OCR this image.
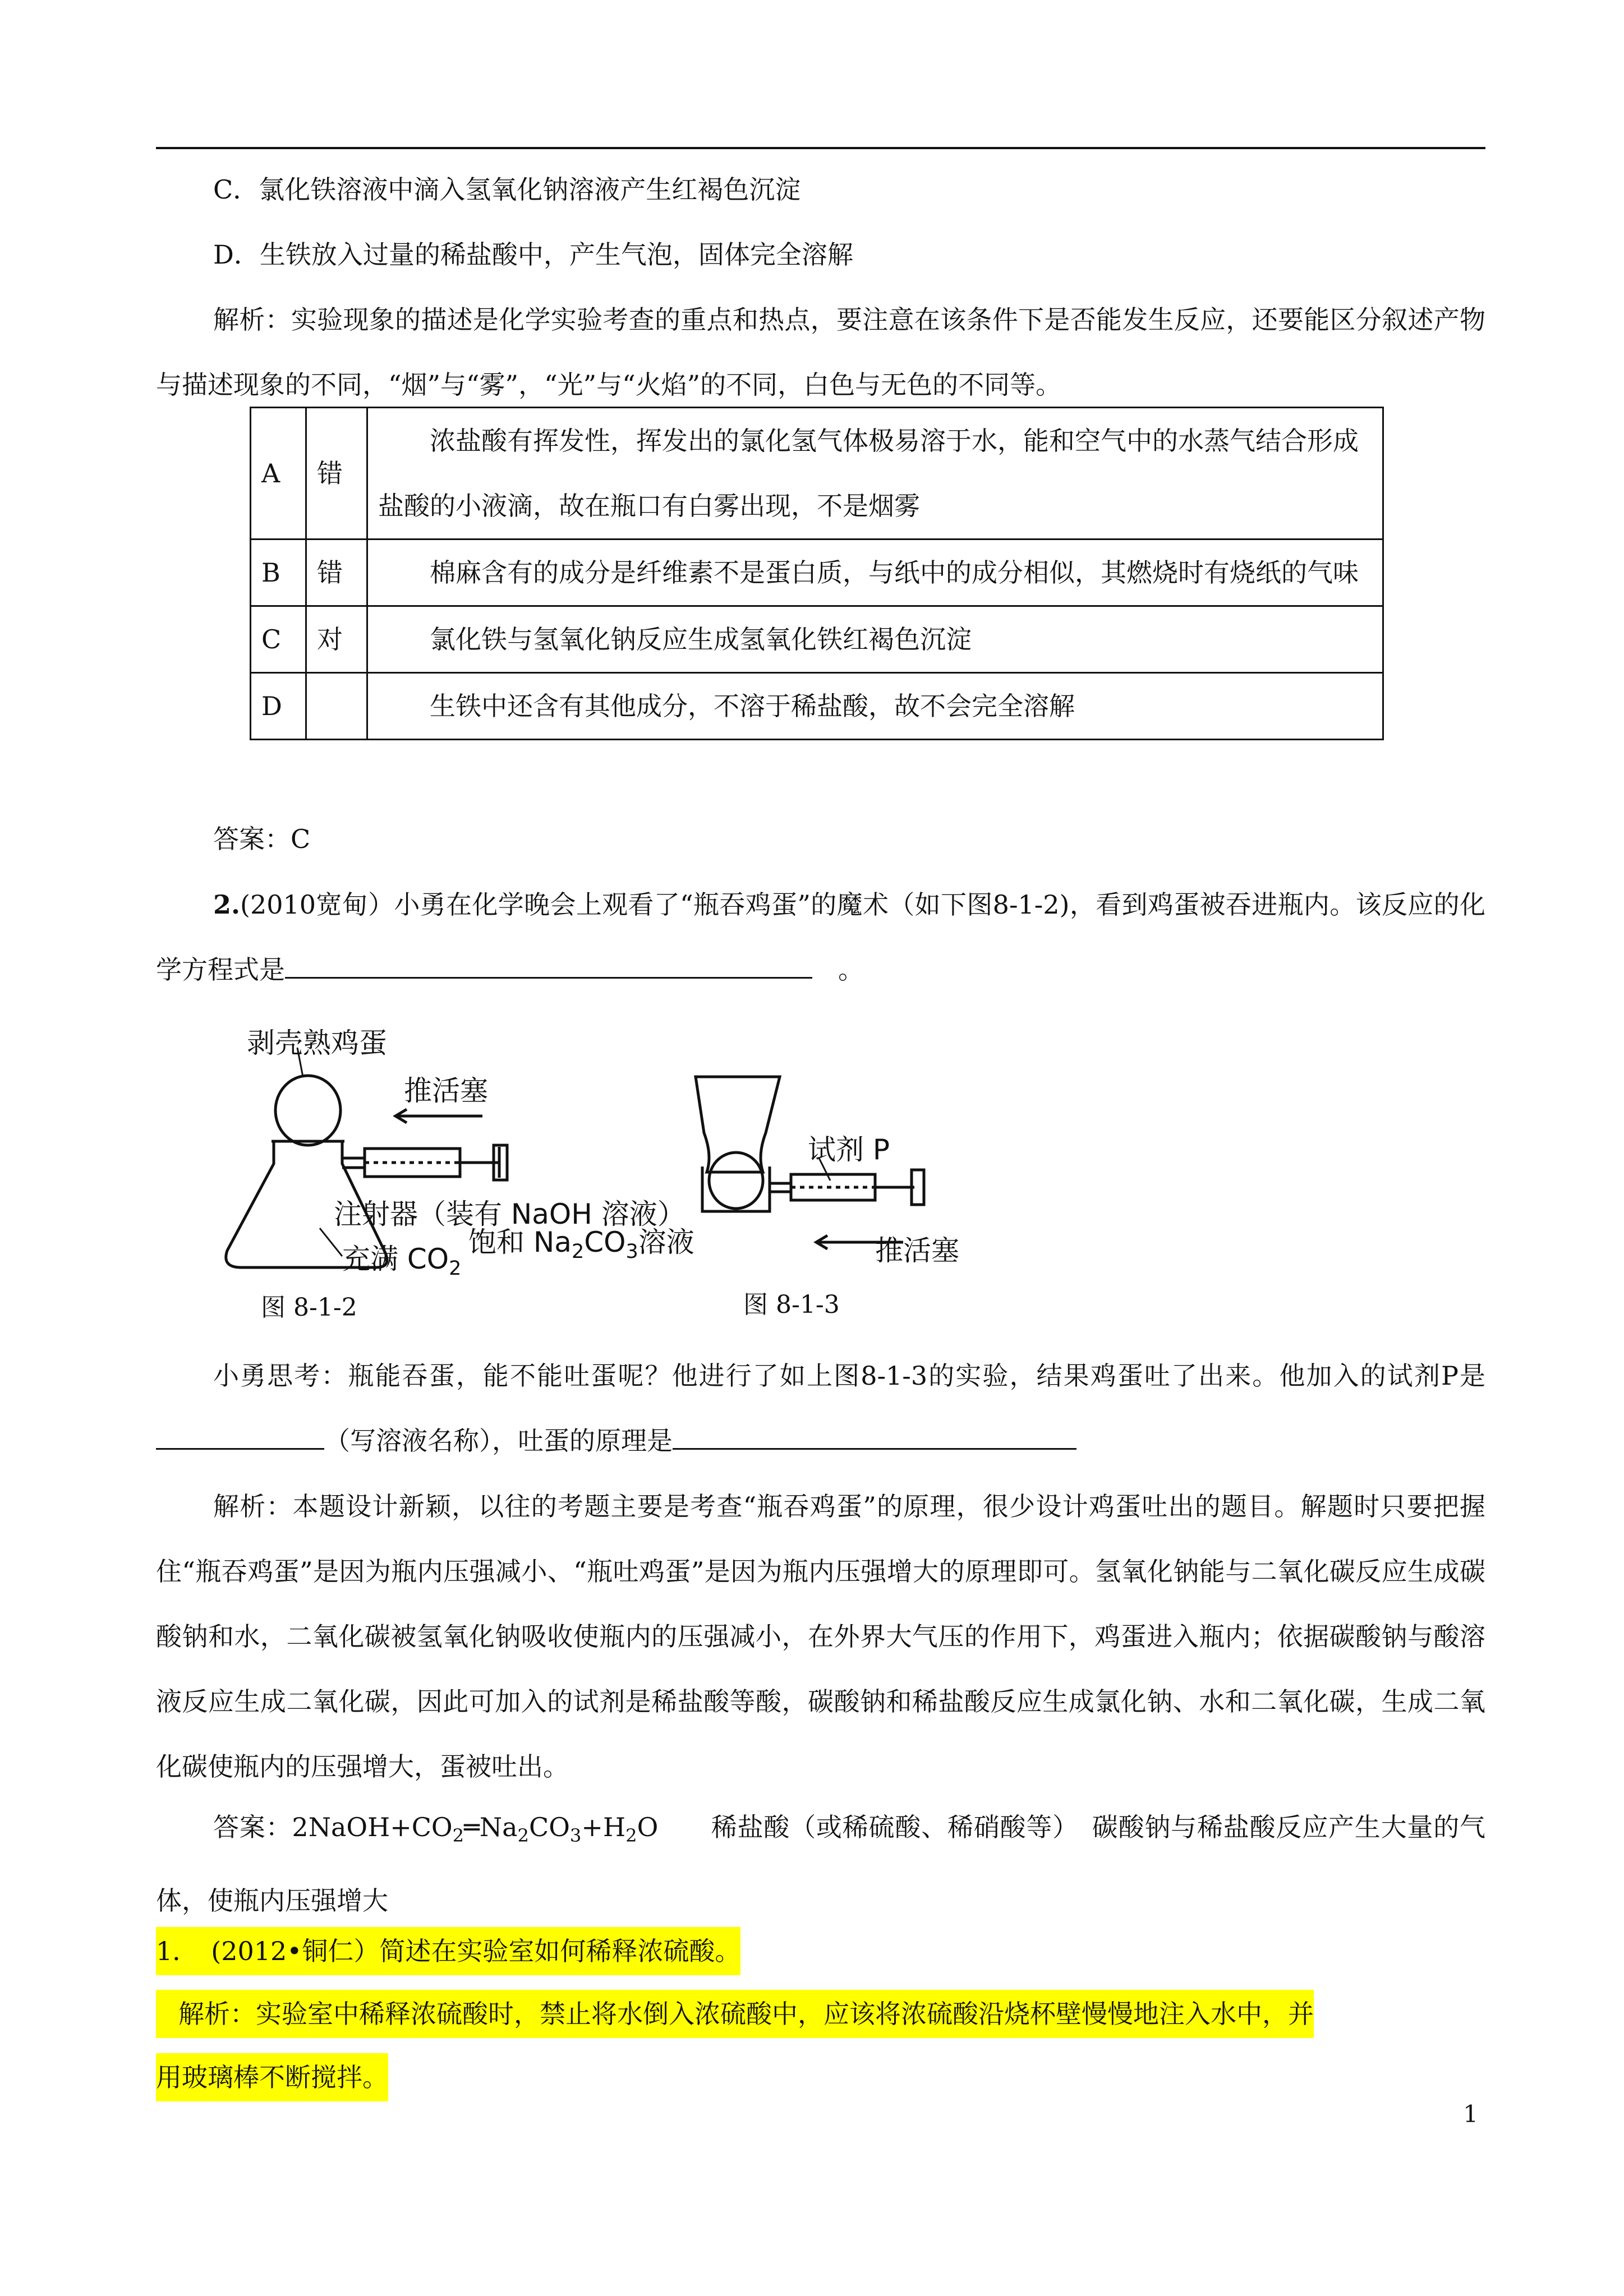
C．氯化铁溶液中滴入氢氧化钠溶液产生红褐色沉淀

D．生铁放入过量的稀盐酸中，产生气泡，固体完全溶解

解析：实验现象的描述是化学实验考查的重点和热点，要注意在该条件下是否能发生反应，还要能区分叙述产物与描述现象的不同，“烟”与“雾”，“光”与“火焰”的不同，白色与无色的不同等。

A	错	浓盐酸有挥发性，挥发出的氯化氢气体极易溶于水，能和空气中的水蒸气结合形成盐酸的小液滴，故在瓶口有白雾出现，不是烟雾
B	错	棉麻含有的成分是纤维素不是蛋白质，与纸中的成分相似，其燃烧时有烧纸的气味
C	对	氯化铁与氢氧化钠反应生成氢氧化铁红褐色沉淀
D		生铁中还含有其他成分，不溶于稀盐酸，故不会完全溶解

答案：C

2.(2010宽甸）小勇在化学晚会上观看了“瓶吞鸡蛋”的魔术（如下图8-1-2)，看到鸡蛋被吞进瓶内。该反应的化学方程式是　	。

剥壳熟鸡蛋
推活塞
注射器（装有 NaOH 溶液）
充满 $CO_2$
试剂 P
饱和 $Na_2CO_3$溶液	推活塞
图 8-1-2	图 8-1-3

小勇思考：瓶能吞蛋，能不能吐蛋呢？他进行了如上图8-1-3的实验，结果鸡蛋吐了出来。他加入的试剂P是（写溶液名称），吐蛋的原理是

解析：本题设计新颖，以往的考题主要是考查“瓶吞鸡蛋”的原理，很少设计鸡蛋吐出的题目。解题时只要把握住“瓶吞鸡蛋”是因为瓶内压强减小、“瓶吐鸡蛋”是因为瓶内压强增大的原理即可。氢氧化钠能与二氧化碳反应生成碳酸钠和水，二氧化碳被氢氧化钠吸收使瓶内的压强减小，在外界大气压的作用下，鸡蛋进入瓶内；依据碳酸钠与酸溶液反应生成二氧化碳，因此可加入的试剂是稀盐酸等酸，碳酸钠和稀盐酸反应生成氯化钠、水和二氧化碳，生成二氧化碳使瓶内的压强增大，蛋被吐出。

答案：$2NaOH+CO_2═Na_2CO_3+H_2O$　　 稀盐酸（或稀硫酸、稀硝酸等）　碳酸钠与稀盐酸反应产生大量的气体，使瓶内压强增大

1．　(2012•铜仁）简述在实验室如何稀释浓硫酸。
解析：实验室中稀释浓硫酸时，禁止将水倒入浓硫酸中，应该将浓硫酸沿烧杯壁慢慢地注入水中，并
用玻璃棒不断搅拌。
1
